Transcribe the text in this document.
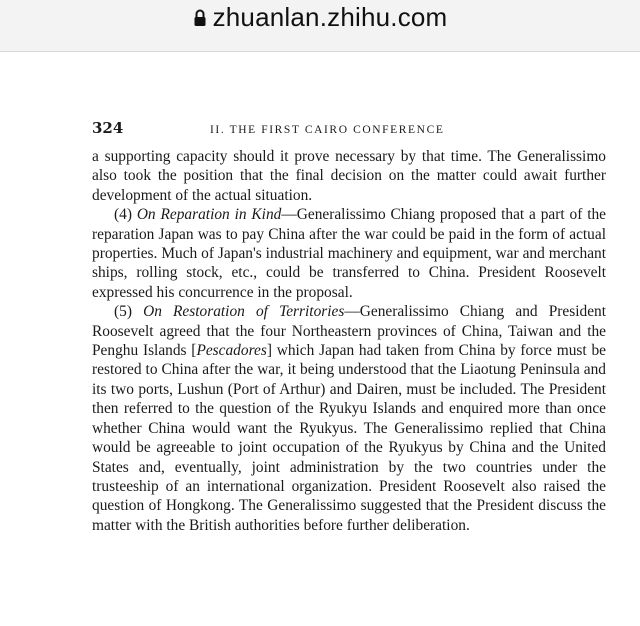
zhuanlan.zhihu.com
324	II. THE FIRST CAIRO CONFERENCE

a supporting capacity should it prove necessary by that time. The Generalissimo also took the position that the final decision on the matter could await further development of the actual situation.

(4) On Reparation in Kind—Generalissimo Chiang proposed that a part of the reparation Japan was to pay China after the war could be paid in the form of actual properties. Much of Japan's industrial machinery and equipment, war and merchant ships, rolling stock, etc., could be transferred to China. President Roosevelt expressed his concurrence in the proposal.

(5) On Restoration of Territories—Generalissimo Chiang and President Roosevelt agreed that the four Northeastern provinces of China, Taiwan and the Penghu Islands [Pescadores] which Japan had taken from China by force must be restored to China after the war, it being understood that the Liaotung Peninsula and its two ports, Lushun (Port of Arthur) and Dairen, must be included. The President then referred to the question of the Ryukyu Islands and enquired more than once whether China would want the Ryukyus. The Generalissimo replied that China would be agreeable to joint occupation of the Ryukyus by China and the United States and, eventually, joint administration by the two countries under the trusteeship of an international organization. President Roosevelt also raised the question of Hongkong. The Generalissimo suggested that the President discuss the matter with the British authorities before further deliberation.
